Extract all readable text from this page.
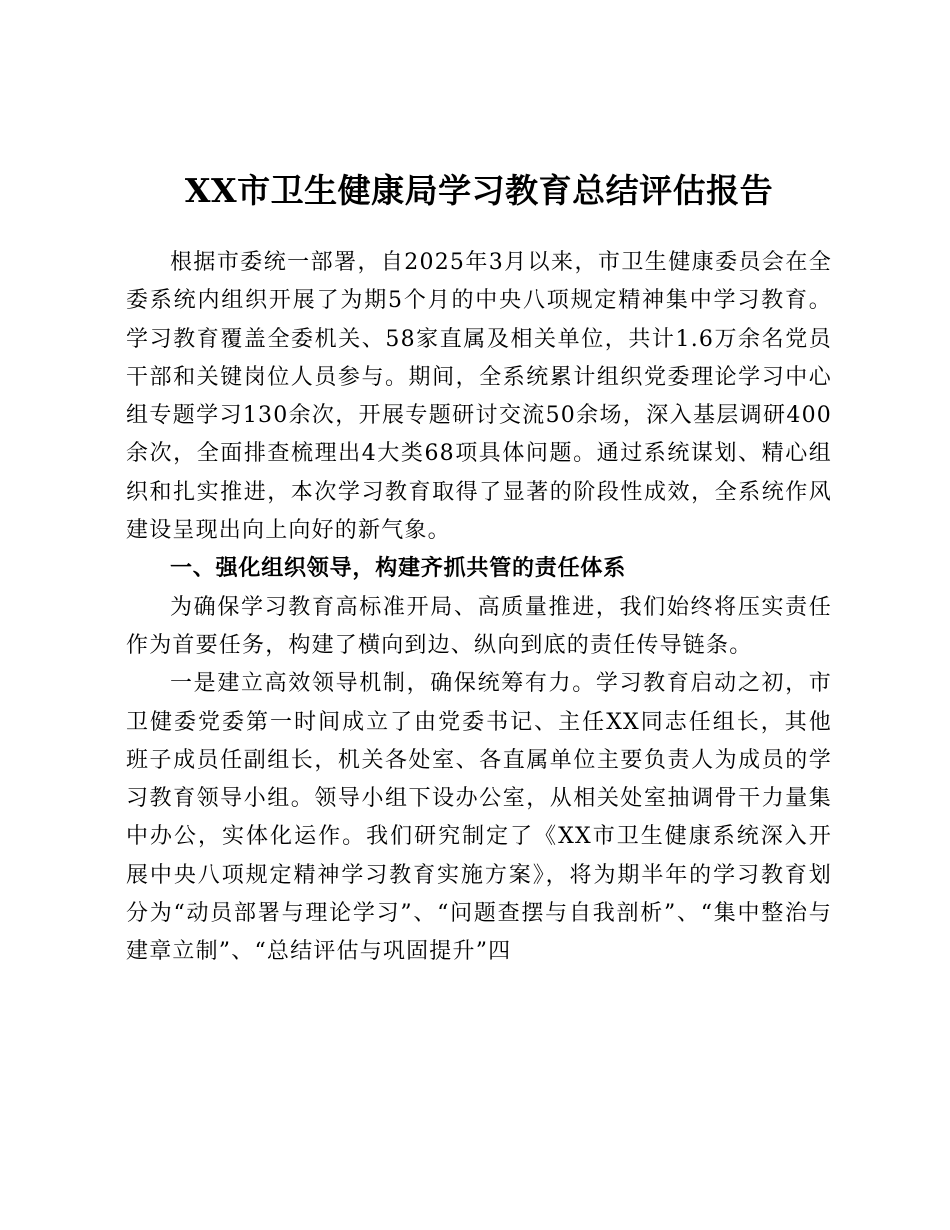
XX市卫生健康局学习教育总结评估报告

根据市委统一部署，自2025年3月以来，市卫生健康委员会在全委系统内组织开展了为期5个月的中央八项规定精神集中学习教育。学习教育覆盖全委机关、58家直属及相关单位，共计1.6万余名党员干部和关键岗位人员参与。期间，全系统累计组织党委理论学习中心组专题学习130余次，开展专题研讨交流50余场，深入基层调研400余次，全面排查梳理出4大类68项具体问题。通过系统谋划、精心组织和扎实推进，本次学习教育取得了显著的阶段性成效，全系统作风建设呈现出向上向好的新气象。

一、强化组织领导，构建齐抓共管的责任体系

为确保学习教育高标准开局、高质量推进，我们始终将压实责任作为首要任务，构建了横向到边、纵向到底的责任传导链条。

一是建立高效领导机制，确保统筹有力。学习教育启动之初，市卫健委党委第一时间成立了由党委书记、主任XX同志任组长，其他班子成员任副组长，机关各处室、各直属单位主要负责人为成员的学习教育领导小组。领导小组下设办公室，从相关处室抽调骨干力量集中办公，实体化运作。我们研究制定了《XX市卫生健康系统深入开展中央八项规定精神学习教育实施方案》，将为期半年的学习教育划分为“动员部署与理论学习”、“问题查摆与自我剖析”、“集中整治与建章立制”、“总结评估与巩固提升”四
